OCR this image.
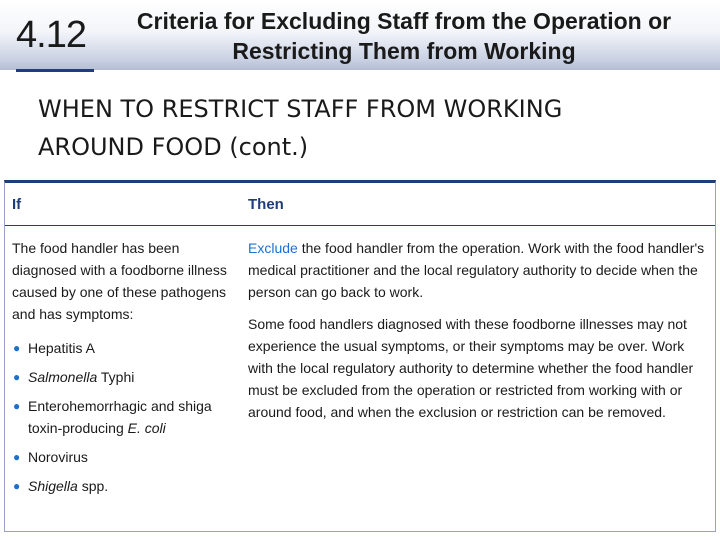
4.12	Criteria for Excluding Staff from the Operation or
Restricting Them from Working
WHEN TO RESTRICT STAFF FROM WORKING
AROUND FOOD (cont.)
If	Then
The food handler has been diagnosed with a foodborne illness caused by one of these pathogens and has symptoms:
● Hepatitis A
● Salmonella Typhi
● Enterohemorrhagic and shiga toxin-producing E. coli
● Norovirus
● Shigella spp.

Exclude the food handler from the operation. Work with the food handler's medical practitioner and the local regulatory authority to decide when the person can go back to work.

Some food handlers diagnosed with these foodborne illnesses may not experience the usual symptoms, or their symptoms may be over. Work with the local regulatory authority to determine whether the food handler must be excluded from the operation or restricted from working with or around food, and when the exclusion or restriction can be removed.
